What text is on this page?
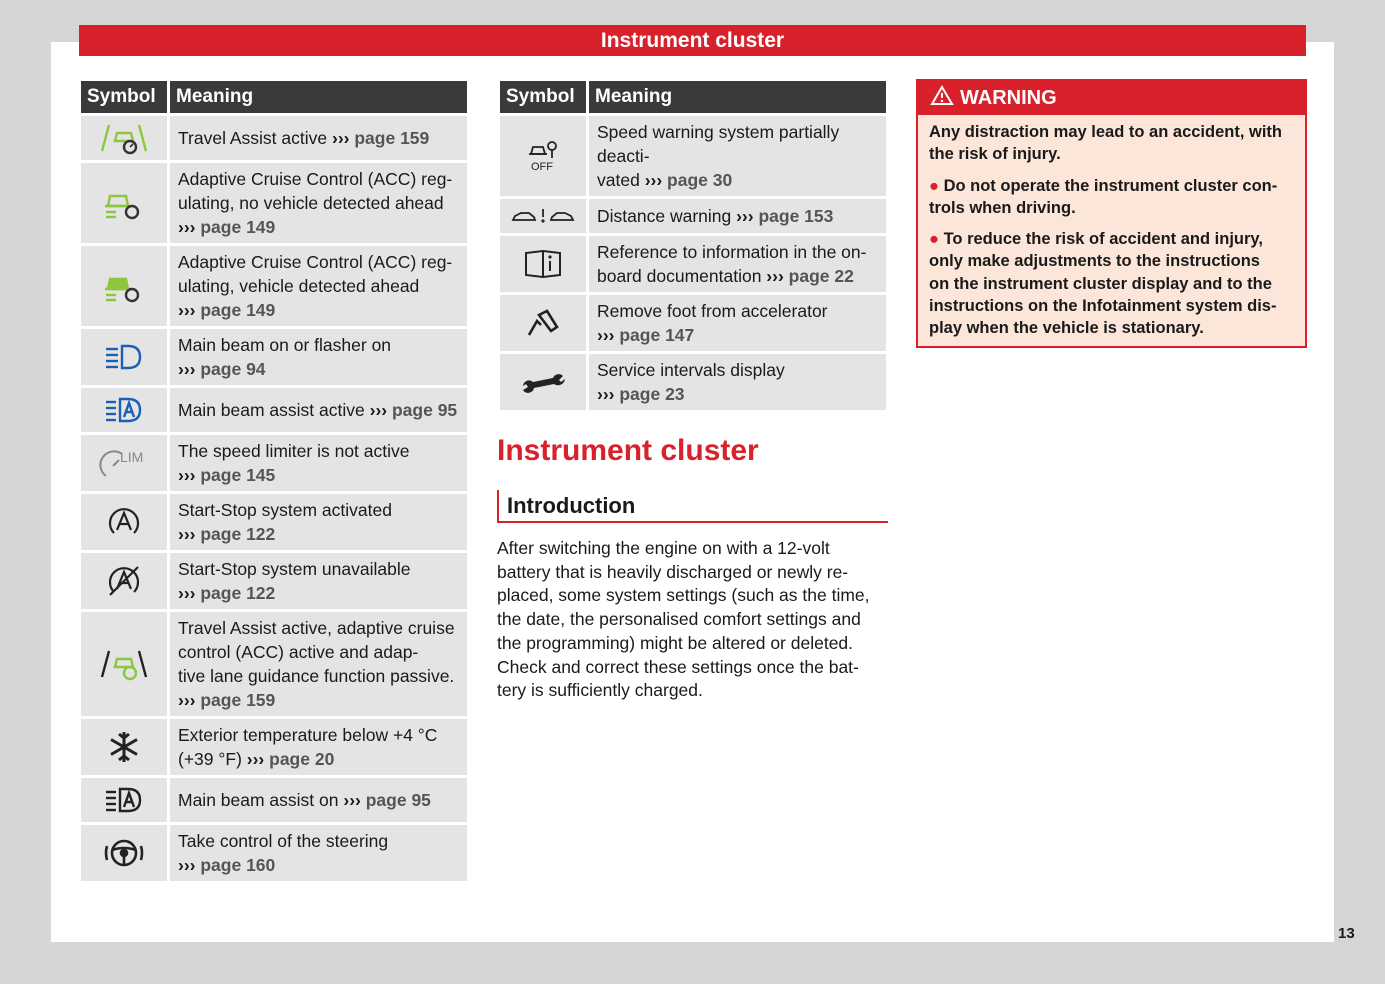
Instrument cluster
Symbol	Meaning

	Travel Assist active ››› page 159

	Adaptive Cruise Control (ACC) reg-
ulating, no vehicle detected ahead
››› page 149

	Adaptive Cruise Control (ACC) reg-
ulating, vehicle detected ahead
››› page 149

	Main beam on or flasher on
››› page 94

	Main beam assist active ››› page 95

LIM	The speed limiter is not active
››› page 145

	Start-Stop system activated
››› page 122

	Start-Stop system unavailable
››› page 122

	Travel Assist active, adaptive cruise
control (ACC) active and adap-
tive lane guidance function passive.
››› page 159

	Exterior temperature below +4 °C
(+39 °F) ››› page 20

	Main beam assist on ››› page 95

	Take control of the steering
››› page 160
Symbol	Meaning

OFF	Speed warning system partially deacti-
vated ››› page 30

	Distance warning ››› page 153

	Reference to information in the on-
board documentation ››› page 22

	Remove foot from accelerator
››› page 147

	Service intervals display
››› page 23
Instrument cluster
Introduction

After switching the engine on with a 12-volt
battery that is heavily discharged or newly re-
placed, some system settings (such as the time,
the date, the personalised comfort settings and
the programming) might be altered or deleted.
Check and correct these settings once the bat-
tery is sufficiently charged.

WARNING

Any distraction may lead to an accident, with
the risk of injury.

● Do not operate the instrument cluster con-
trols when driving.

● To reduce the risk of accident and injury,
only make adjustments to the instructions
on the instrument cluster display and to the
instructions on the Infotainment system dis-
play when the vehicle is stationary.

13
